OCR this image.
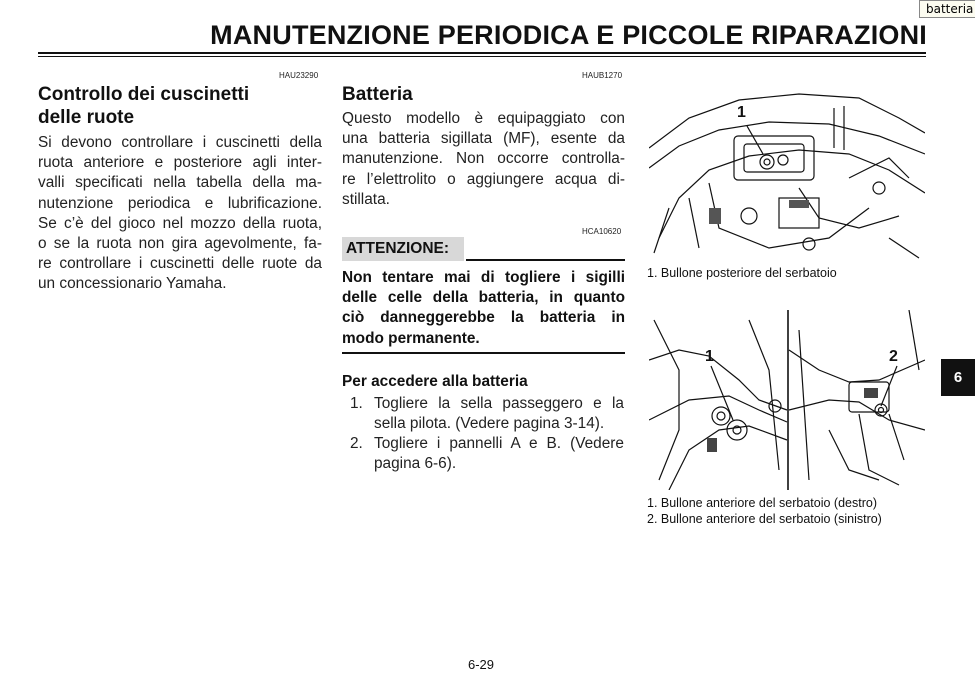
batteria
MANUTENZIONE PERIODICA E PICCOLE RIPARAZIONI
HAU23290
Controllo dei cuscinetti
delle ruote
Si devono controllare i cuscinetti della
ruota anteriore e posteriore agli inter-
valli specificati nella tabella della ma-
nutenzione periodica e lubrificazione.
Se c’è del gioco nel mozzo della ruota,
o se la ruota non gira agevolmente, fa-
re controllare i cuscinetti delle ruote da
un concessionario Yamaha.
HAUB1270
Batteria
Questo modello è equipaggiato con
una batteria sigillata (MF), esente da
manutenzione. Non occorre controlla-
re l’elettrolito o aggiungere acqua di-
stillata.
HCA10620
ATTENZIONE:
Non tentare mai di togliere i sigilli
delle celle della batteria, in quanto
ciò danneggerebbe la batteria in
modo permanente.
Per accedere alla batteria
1. Togliere la sella passeggero e la
sella pilota. (Vedere pagina 3-14).
2. Togliere i pannelli A e B. (Vedere
pagina 6-6).
1
1. Bullone posteriore del serbatoio
1	2
1. Bullone anteriore del serbatoio (destro)
2. Bullone anteriore del serbatoio (sinistro)
6
6-29
